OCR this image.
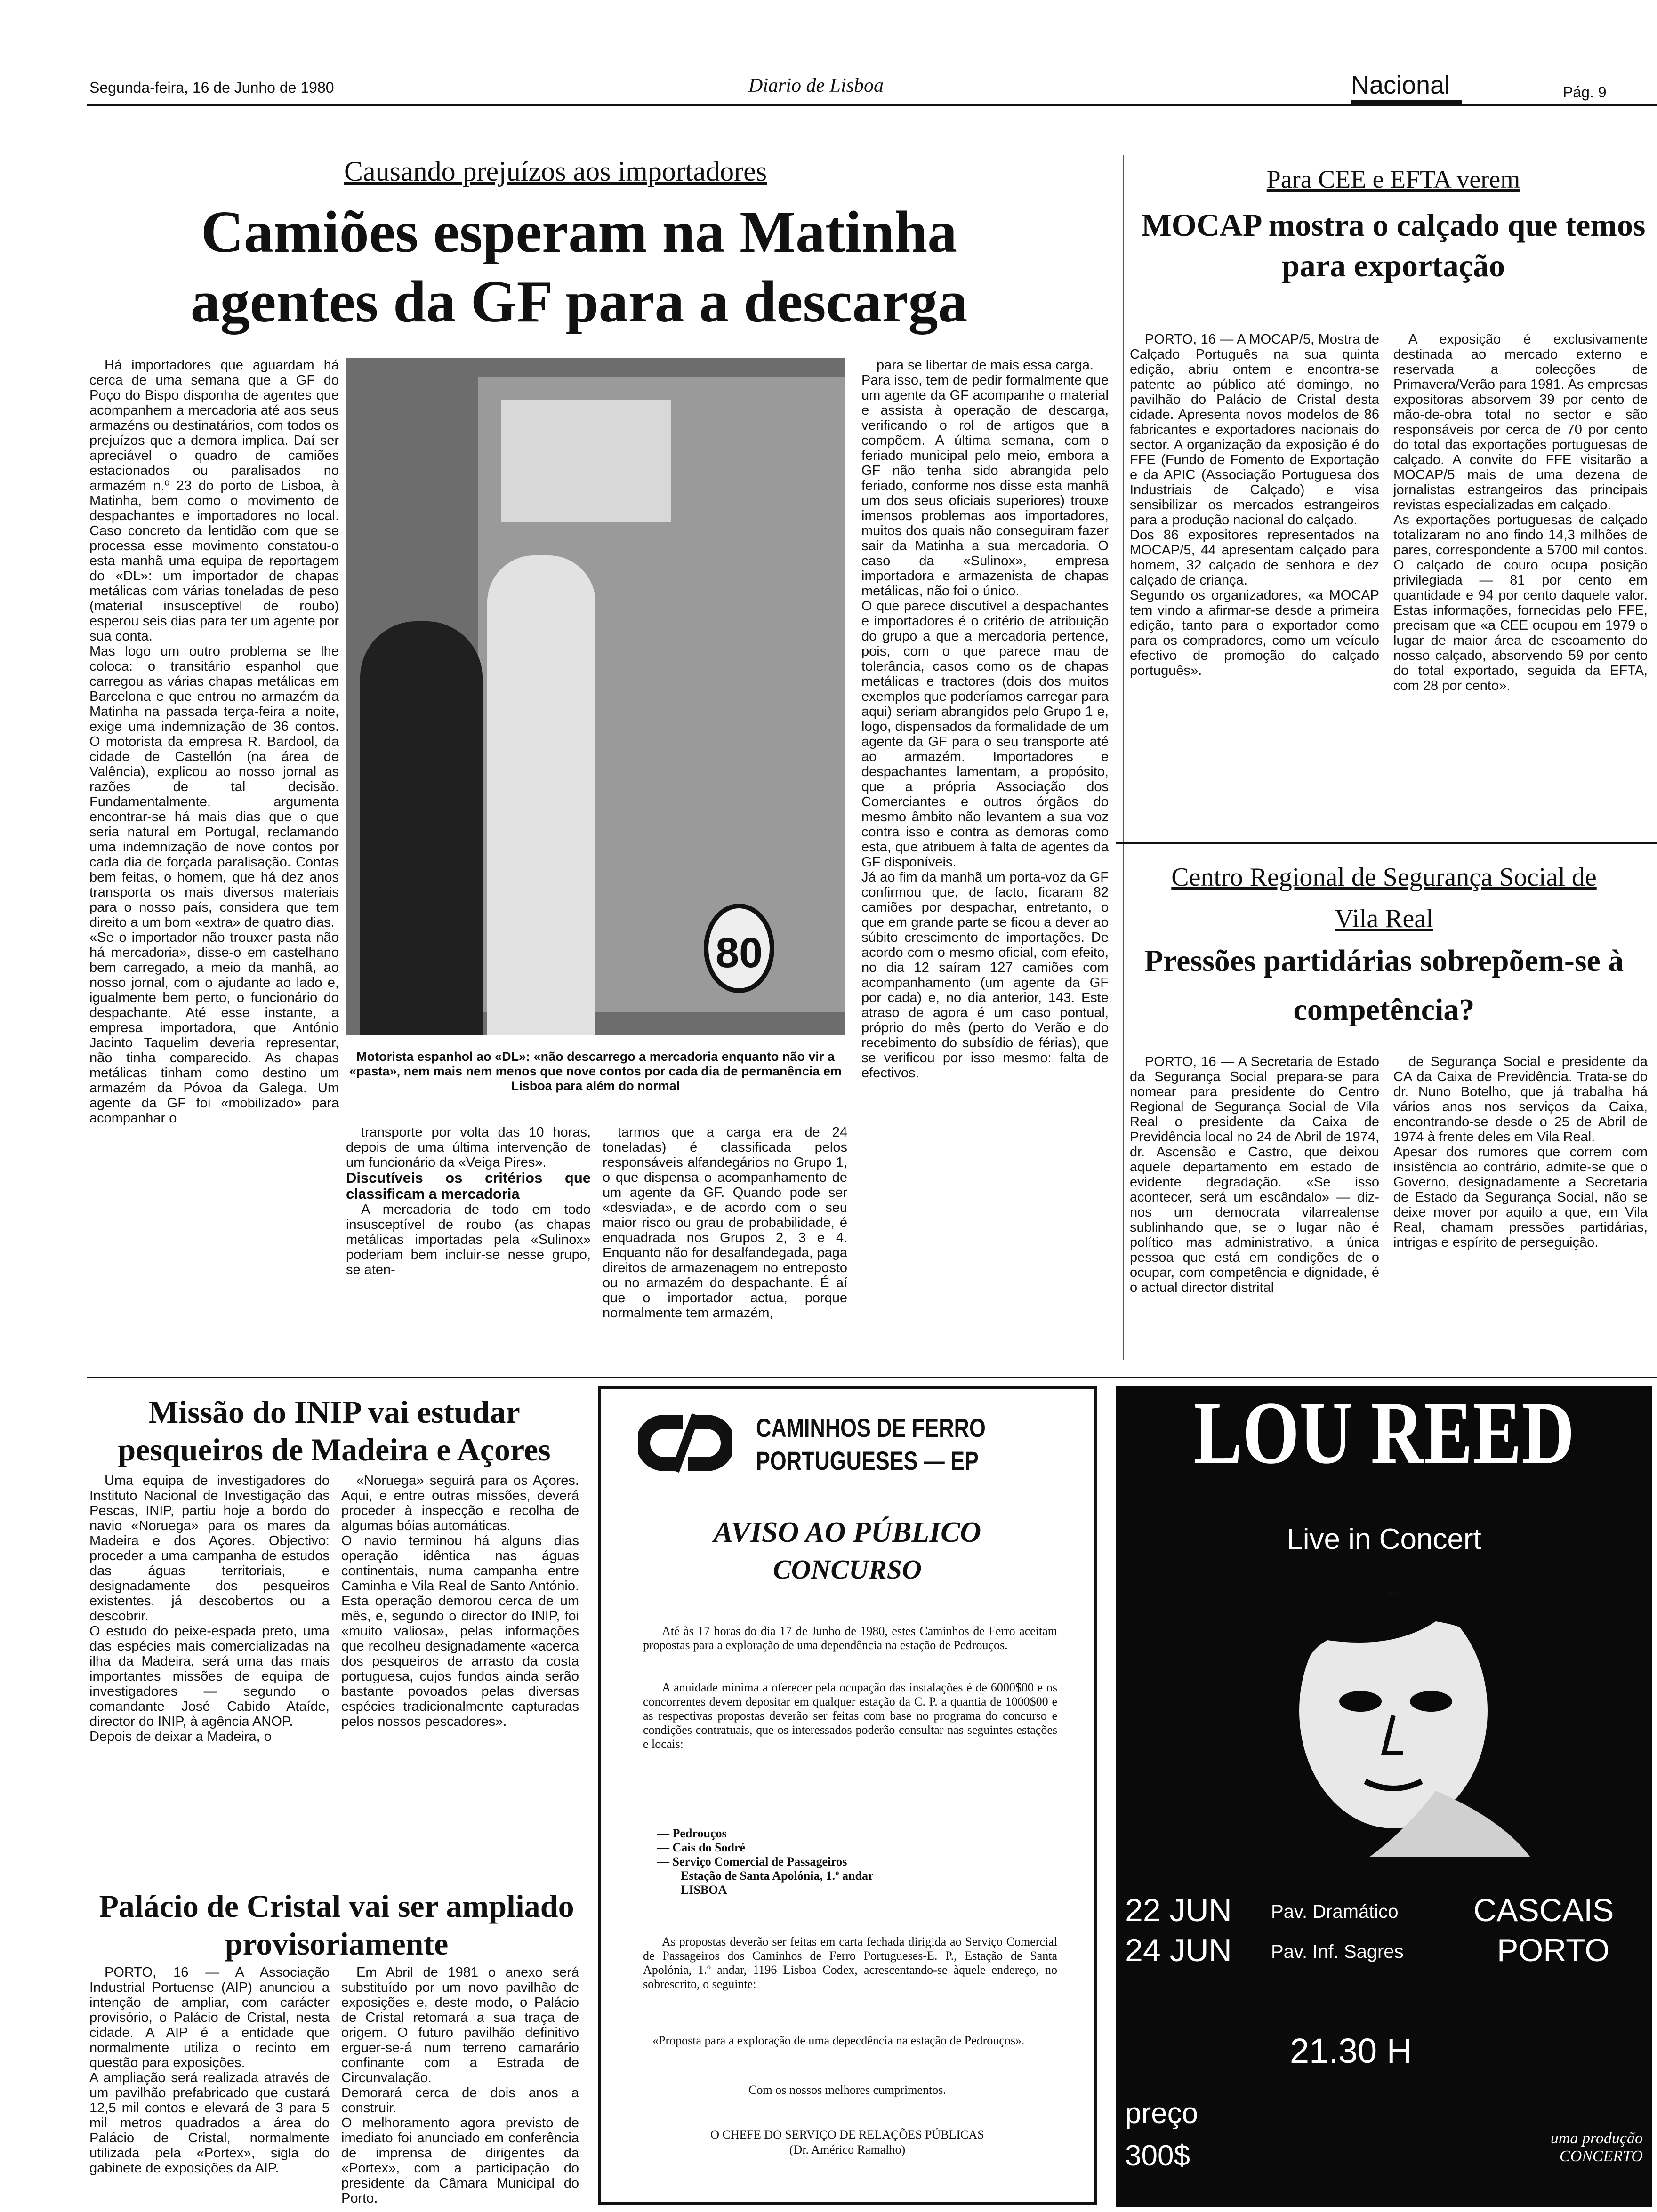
Segunda-feira, 16 de Junho de 1980	Diario de Lisboa	Nacional	Pág. 9
Causando prejuízos aos importadores
Camiões esperam na Matinha agentes da GF para a descarga

Há importadores que aguardam há cerca de uma semana que a GF do Poço do Bispo disponha de agentes que acompanhem a mercadoria até aos seus armazéns ou destinatários, com todos os prejuízos que a demora implica. Daí ser apreciável o quadro de camiões estacionados ou paralisados no armazém n.º 23 do porto de Lisboa, à Matinha, bem como o movimento de despachantes e importadores no local. Caso concreto da lentidão com que se processa esse movimento constatou-o esta manhã uma equipa de reportagem do «DL»: um importador de chapas metálicas com várias toneladas de peso (material insusceptível de roubo) esperou seis dias para ter um agente por sua conta.
Mas logo um outro problema se lhe coloca: o transitário espanhol que carregou as várias chapas metálicas em Barcelona e que entrou no armazém da Matinha na passada terça-feira a noite, exige uma indemnização de 36 contos. O motorista da empresa R. Bardool, da cidade de Castellón (na área de Valência), explicou ao nosso jornal as razões de tal decisão. Fundamentalmente, argumenta encontrar-se há mais dias que o que seria natural em Portugal, reclamando uma indemnização de nove contos por cada dia de forçada paralisação. Contas bem feitas, o homem, que há dez anos transporta os mais diversos materiais para o nosso país, considera que tem direito a um bom «extra» de quatro dias.
«Se o importador não trouxer pasta não há mercadoria», disse-o em castelhano bem carregado, a meio da manhã, ao nosso jornal, com o ajudante ao lado e, igualmente bem perto, o funcionário do despachante. Até esse instante, a empresa importadora, que António Jacinto Taquelim deveria representar, não tinha comparecido. As chapas metálicas tinham como destino um armazém da Póvoa da Galega. Um agente da GF foi «mobilizado» para acompanhar o

80
Motorista espanhol ao «DL»: «não descarrego a mercadoria enquanto não vir a «pasta», nem mais nem menos que nove contos por cada dia de permanência em Lisboa para além do normal

transporte por volta das 10 horas, depois de uma última intervenção de um funcionário da «Veiga Pires».

Discutíveis os critérios que classificam a mercadoria

A mercadoria de todo em todo insusceptível de roubo (as chapas metálicas importadas pela «Sulinox» poderiam bem incluir-se nesse grupo, se aten-

tarmos que a carga era de 24 toneladas) é classificada pelos responsáveis alfandegários no Grupo 1, o que dispensa o acompanhamento de um agente da GF. Quando pode ser «desviada», e de acordo com o seu maior risco ou grau de probabilidade, é enquadrada nos Grupos 2, 3 e 4. Enquanto não for desalfandegada, paga direitos de armazenagem no entreposto ou no armazém do despachante. É aí que o importador actua, porque normalmente tem armazém,

para se libertar de mais essa carga.
Para isso, tem de pedir formalmente que um agente da GF acompanhe o material e assista à operação de descarga, verificando o rol de artigos que a compõem. A última semana, com o feriado municipal pelo meio, embora a GF não tenha sido abrangida pelo feriado, conforme nos disse esta manhã um dos seus oficiais superiores) trouxe imensos problemas aos importadores, muitos dos quais não conseguiram fazer sair da Matinha a sua mercadoria. O caso da «Sulinox», empresa importadora e armazenista de chapas metálicas, não foi o único.
O que parece discutível a despachantes e importadores é o critério de atribuição do grupo a que a mercadoria pertence, pois, com o que parece mau de tolerância, casos como os de chapas metálicas e tractores (dois dos muitos exemplos que poderíamos carregar para aqui) seriam abrangidos pelo Grupo 1 e, logo, dispensados da formalidade de um agente da GF para o seu transporte até ao armazém. Importadores e despachantes lamentam, a propósito, que a própria Associação dos Comerciantes e outros órgãos do mesmo âmbito não levantem a sua voz contra isso e contra as demoras como esta, que atribuem à falta de agentes da GF disponíveis.
Já ao fim da manhã um porta-voz da GF confirmou que, de facto, ficaram 82 camiões por despachar, entretanto, o que em grande parte se ficou a dever ao súbito crescimento de importações. De acordo com o mesmo oficial, com efeito, no dia 12 saíram 127 camiões com acompanhamento (um agente da GF por cada) e, no dia anterior, 143. Este atraso de agora é um caso pontual, próprio do mês (perto do Verão e do recebimento do subsídio de férias), que se verificou por isso mesmo: falta de efectivos.

Para CEE e EFTA verem
MOCAP mostra o calçado que temos para exportação

PORTO, 16 — A MOCAP/5, Mostra de Calçado Português na sua quinta edição, abriu ontem e encontra-se patente ao público até domingo, no pavilhão do Palácio de Cristal desta cidade. Apresenta novos modelos de 86 fabricantes e exportadores nacionais do sector. A organização da exposição é do FFE (Fundo de Fomento de Exportação e da APIC (Associação Portuguesa dos Industriais de Calçado) e visa sensibilizar os mercados estrangeiros para a produção nacional do calçado.
Dos 86 expositores representados na MOCAP/5, 44 apresentam calçado para homem, 32 calçado de senhora e dez calçado de criança.
Segundo os organizadores, «a MOCAP tem vindo a afirmar-se desde a primeira edição, tanto para o exportador como para os compradores, como um veículo efectivo de promoção do calçado português».

A exposição é exclusivamente destinada ao mercado externo e reservada a colecções de Primavera/Verão para 1981. As empresas expositoras absorvem 39 por cento de mão-de-obra total no sector e são responsáveis por cerca de 70 por cento do total das exportações portuguesas de calçado. A convite do FFE visitarão a MOCAP/5 mais de uma dezena de jornalistas estrangeiros das principais revistas especializadas em calçado.
As exportações portuguesas de calçado totalizaram no ano findo 14,3 milhões de pares, correspondente a 5700 mil contos. O calçado de couro ocupa posição privilegiada — 81 por cento em quantidade e 94 por cento daquele valor. Estas informações, fornecidas pelo FFE, precisam que «a CEE ocupou em 1979 o lugar de maior área de escoamento do nosso calçado, absorvendo 59 por cento do total exportado, seguida da EFTA, com 28 por cento».

Centro Regional de Segurança Social de Vila Real
Pressões partidárias sobrepõem-se à competência?

PORTO, 16 — A Secretaria de Estado da Segurança Social prepara-se para nomear para presidente do Centro Regional de Segurança Social de Vila Real o presidente da Caixa de Previdência local no 24 de Abril de 1974, dr. Ascensão e Castro, que deixou aquele departamento em estado de evidente degradação. «Se isso acontecer, será um escândalo» — diz-nos um democrata vilarrealense sublinhando que, se o lugar não é político mas administrativo, a única pessoa que está em condições de o ocupar, com competência e dignidade, é o actual director distrital

de Segurança Social e presidente da CA da Caixa de Previdência. Trata-se do dr. Nuno Botelho, que já trabalha há vários anos nos serviços da Caixa, encontrando-se desde o 25 de Abril de 1974 à frente deles em Vila Real.
Apesar dos rumores que correm com insistência ao contrário, admite-se que o Governo, designadamente a Secretaria de Estado da Segurança Social, não se deixe mover por aquilo a que, em Vila Real, chamam pressões partidárias, intrigas e espírito de perseguição.

Missão do INIP vai estudar pesqueiros de Madeira e Açores

Uma equipa de investigadores do Instituto Nacional de Investigação das Pescas, INIP, partiu hoje a bordo do navio «Noruega» para os mares da Madeira e dos Açores. Objectivo: proceder a uma campanha de estudos das águas territoriais, e designadamente dos pesqueiros existentes, já descobertos ou a descobrir.
O estudo do peixe-espada preto, uma das espécies mais comercializadas na ilha da Madeira, será uma das mais importantes missões de equipa de investigadores — segundo o comandante José Cabido Ataíde, director do INIP, à agência ANOP.
Depois de deixar a Madeira, o

«Noruega» seguirá para os Açores. Aqui, e entre outras missões, deverá proceder à inspecção e recolha de algumas bóias automáticas.
O navio terminou há alguns dias operação idêntica nas águas continentais, numa campanha entre Caminha e Vila Real de Santo António. Esta operação demorou cerca de um mês, e, segundo o director do INIP, foi «muito valiosa», pelas informações que recolheu designadamente «acerca dos pesqueiros de arrasto da costa portuguesa, cujos fundos ainda serão bastante povoados pelas diversas espécies tradicionalmente capturadas pelos nossos pescadores».

Palácio de Cristal vai ser ampliado provisoriamente

PORTO, 16 — A Associação Industrial Portuense (AIP) anunciou a intenção de ampliar, com carácter provisório, o Palácio de Cristal, nesta cidade. A AIP é a entidade que normalmente utiliza o recinto em questão para exposições.
A ampliação será realizada através de um pavilhão prefabricado que custará 12,5 mil contos e elevará de 3 para 5 mil metros quadrados a área do Palácio de Cristal, normalmente utilizada pela «Portex», sigla do gabinete de exposições da AIP.

Em Abril de 1981 o anexo será substituído por um novo pavilhão de exposições e, deste modo, o Palácio de Cristal retomará a sua traça de origem. O futuro pavilhão definitivo erguer-se-á num terreno camarário confinante com a Estrada de Circunvalação.
Demorará cerca de dois anos a construir.
O melhoramento agora previsto de imediato foi anunciado em conferência de imprensa de dirigentes da «Portex», com a participação do presidente da Câmara Municipal do Porto.

CAMINHOS DE FERRO
PORTUGUESES — EP
AVISO AO PÚBLICO
CONCURSO
Até às 17 horas do dia 17 de Junho de 1980, estes Caminhos de Ferro aceitam propostas para a exploração de uma dependência na estação de Pedrouços.
A anuidade mínima a oferecer pela ocupação das instalações é de 6000$00 e os concorrentes devem depositar em qualquer estação da C. P. a quantia de 1000$00 e as respectivas propostas deverão ser feitas com base no programa do concurso e condições contratuais, que os interessados poderão consultar nas seguintes estações e locais:
— Pedrouços
— Cais do Sodré
— Serviço Comercial de Passageiros
Estação de Santa Apolónia, 1.º andar
LISBOA
As propostas deverão ser feitas em carta fechada dirigida ao Serviço Comercial de Passageiros dos Caminhos de Ferro Portugueses-E. P., Estação de Santa Apolónia, 1.º andar, 1196 Lisboa Codex, acrescentando-se àquele endereço, no sobrescrito, o seguinte:
«Proposta para a exploração de uma depecdência na estação de Pedrouços».
Com os nossos melhores cumprimentos.
O CHEFE DO SERVIÇO DE RELAÇÕES PÚBLICAS
(Dr. Américo Ramalho)
LOU REED
Live in Concert
22 JUN Pav. Dramático CASCAIS
24 JUN Pav. Inf. Sagres	PORTO
21.30 H
preço
300$
uma produção CONCERTO
